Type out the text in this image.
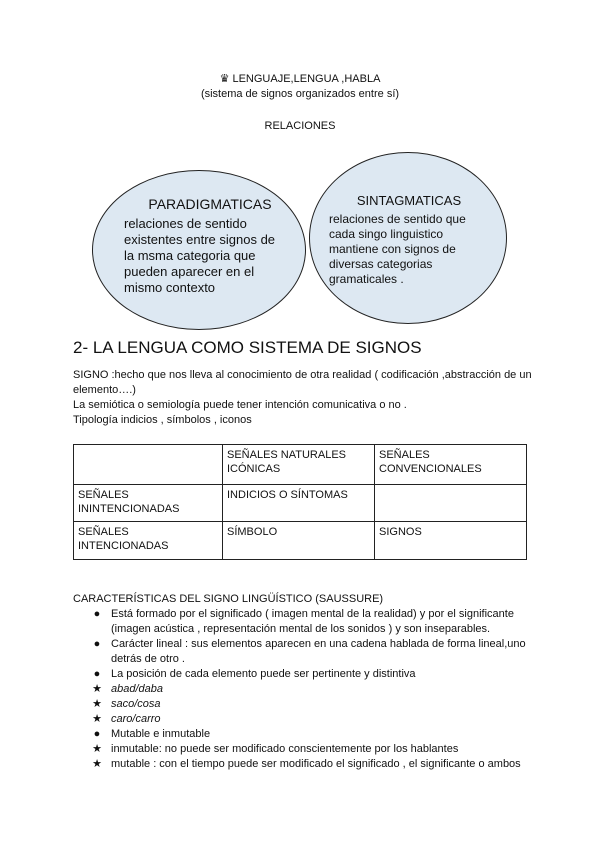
♛ LENGUAJE,LENGUA ,HABLA
(sistema de signos organizados entre sí)
RELACIONES
PARADIGMATICAS
relaciones de sentido
existentes entre signos de
la msma categoria que
pueden aparecer en el
mismo contexto
SINTAGMATICAS
relaciones de sentido que
cada singo linguistico
mantiene con signos de
diversas categorias
gramaticales .
2- LA LENGUA COMO SISTEMA DE SIGNOS
SIGNO :hecho que nos lleva al conocimiento de otra realidad ( codificación ,abstracción de un elemento….)
La semiótica o semiología puede tener intención comunicativa o no .
Tipología indicios , símbolos , iconos
	SEÑALES NATURALES ICÓNICAS	SEÑALES CONVENCIONALES
SEÑALES ININTENCIONADAS	INDICIOS O SÍNTOMAS	
SEÑALES INTENCIONADAS	SÍMBOLO	SIGNOS
CARACTERÍSTICAS DEL SIGNO LINGÜÍSTICO (SAUSSURE)
● Está formado por el significado ( imagen mental de la realidad) y por el significante (imagen acústica , representación mental de los sonidos ) y son inseparables.
● Carácter lineal : sus elementos aparecen en una cadena hablada de forma lineal,uno detrás de otro .
● La posición de cada elemento puede ser pertinente y distintiva
★ abad/daba
★ saco/cosa
★ caro/carro
● Mutable e inmutable
★ inmutable: no puede ser modificado conscientemente por los hablantes
★ mutable : con el tiempo puede ser modificado el significado , el significante o ambos
